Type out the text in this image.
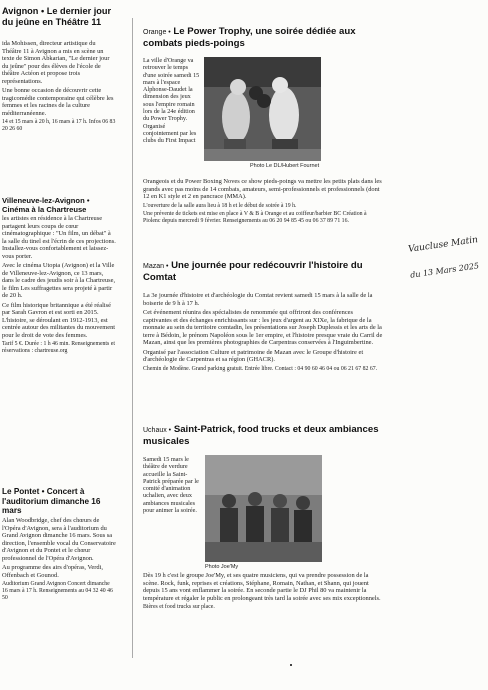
Avignon • Le dernier jour du jeûne en Théâtre 11

ida Mohissen, directeur artistique du Théâtre 11 à Avignon a mis en scène un texte de Simon Abkarian, "Le dernier jour du jeûne" pour des élèves de l'école de théâtre Actéon et propose trois représentations.

Une bonne occasion de découvrir cette tragicomédie contemporaine qui célèbre les femmes et les racines de la culture méditerranéenne.

14 et 15 mars à 20 h, 16 mars à 17 h. Infos 06 83 20 26 60

Villeneuve-lez-Avignon • Cinéma à la Chartreuse

les artistes en résidence à la Chartreuse partagent leurs coups de cœur cinématographique : "Un film, un débat" à la salle du tinel est l'écrin de ces projections. Installez-vous confortablement et laissez-vous porter.

Avec le cinéma Utopia (Avignon) et la Ville de Villeneuve-lez-Avignon, ce 13 mars, dans le cadre des jeudis soir à la Chartreuse, le film Les suffragettes sera projeté à partir de 20 h.

Ce film historique britannique a été réalisé par Sarah Gavron et est sorti en 2015. L'histoire, se déroulant en 1912-1913, est centrée autour des militantes du mouvement pour le droit de vote des femmes.

Tarif 5 €. Durée : 1 h 46 min. Renseignements et réservations : chartreuse.org

Le Pontet • Concert à l'auditorium dimanche 16 mars

Alan Woodbridge, chef des chœurs de l'Opéra d'Avignon, sera à l'auditorium du Grand Avignon dimanche 16 mars. Sous sa direction, l'ensemble vocal du Conservatoire d'Avignon et du Pontet et le chœur professionnel de l'Opéra d'Avignon.

Au programme des airs d'opéras, Verdi, Offenbach et Gounod.

Auditorium Grand Avignon Concert dimanche 16 mars à 17 h. Renseignements au 04 32 40 46 50

Orange • Le Power Trophy, une soirée dédiée aux combats pieds-poings
La ville d'Orange va retrouver le temps d'une soirée samedi 15 mars à l'espace Alphonse-Daudet la dimension des jeux sous l'empire romain lors de la 24e édition du Power Trophy. Organisé conjointement par les clubs du First Impact
Photo Le DL/Hubert Fournet

Orangeois et du Power Boxing Noves ce show pieds-poings va mettre les petits plats dans les grands avec pas moins de 14 combats, amateurs, semi-professionnels et professionnels (dont 12 en K1 style et 2 en pancrace (MMA).

L'ouverture de la salle aura lieu à 18 h et le début de soirée à 19 h.

Une prévente de tickets est mise en place à V & B à Orange et au coiffeur/barbier BC Création à Piolenc depuis mercredi 9 février. Renseignements au 06 20 94 85 45 ou 06 37 89 71 16.

Mazan • Une journée pour redécouvrir l'histoire du Comtat

La 3e journée d'histoire et d'archéologie du Comtat revient samedi 15 mars à la salle de la boiserie de 9 h à 17 h.

Cet événement réunira des spécialistes de renommée qui offriront des conférences captivantes et des échanges enrichissants sur : les jeux d'argent au XIXe, la fabrique de la monnaie au sein du territoire comtadin, les présentations sur Joseph Duplessis et les arts de la terre à Bédoin, le prénom Napoléon sous le 1er empire, et l'histoire presque vraie du Carril de Mazan, ainsi que les premières photographies de Carpentras conservées à l'Inguimbertine.

Organisé par l'association Culture et patrimoine de Mazan avec le Groupe d'histoire et d'archéologie de Carpentras et sa région (GHACR).

Chemin de Modène. Grand parking gratuit. Entrée libre. Contact : 04 90 60 46 04 ou 06 21 67 82 67.

Uchaux • Saint-Patrick, food trucks et deux ambiances musicales
Samedi 15 mars le théâtre de verdure accueille la Saint-Patrick préparée par le comité d'animation uchalien, avec deux ambiances musicales pour animer la soirée.
Photo Joe'My

Dès 19 h c'est le groupe Joe'My, et ses quatre musiciens, qui va prendre possession de la scène. Rock, funk, reprises et créations, Stéphane, Romain, Nathan, et Shann, qui jouent depuis 15 ans vont enflammer la soirée. En seconde partie le DJ Phil 80 va maintenir la température et régaler le public en prolongeant très tard la soirée avec ses mix exceptionnels.

Bières et food trucks sur place.

Vaucluse Matin
du 13 Mars 2025
